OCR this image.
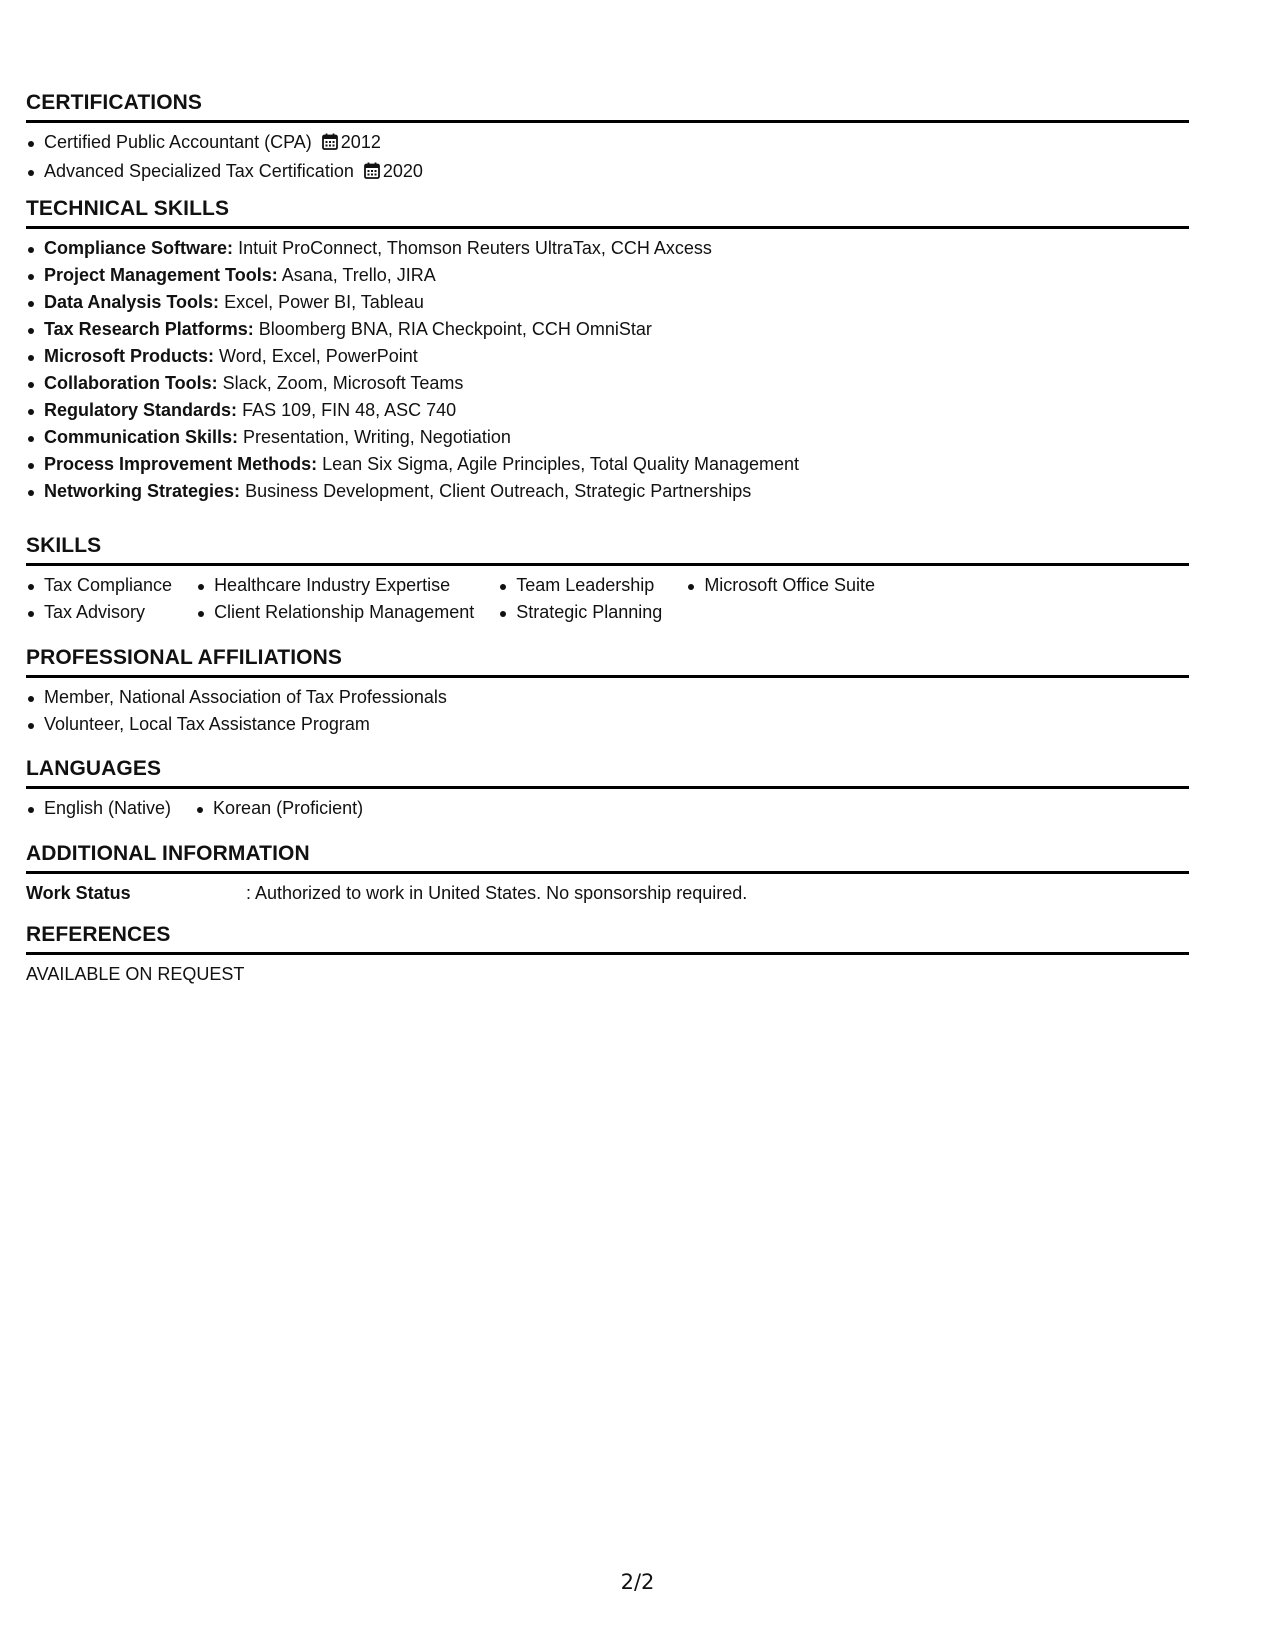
CERTIFICATIONS
Certified Public Accountant (CPA) 2012
Advanced Specialized Tax Certification 2020
TECHNICAL SKILLS
Compliance Software: Intuit ProConnect, Thomson Reuters UltraTax, CCH Axcess
Project Management Tools: Asana, Trello, JIRA
Data Analysis Tools: Excel, Power BI, Tableau
Tax Research Platforms: Bloomberg BNA, RIA Checkpoint, CCH OmniStar
Microsoft Products: Word, Excel, PowerPoint
Collaboration Tools: Slack, Zoom, Microsoft Teams
Regulatory Standards: FAS 109, FIN 48, ASC 740
Communication Skills: Presentation, Writing, Negotiation
Process Improvement Methods: Lean Six Sigma, Agile Principles, Total Quality Management
Networking Strategies: Business Development, Client Outreach, Strategic Partnerships
SKILLS
Tax Compliance
Tax Advisory
Healthcare Industry Expertise
Client Relationship Management
Team Leadership
Strategic Planning
Microsoft Office Suite
PROFESSIONAL AFFILIATIONS
Member, National Association of Tax Professionals
Volunteer, Local Tax Assistance Program
LANGUAGES
English (Native)	Korean (Proficient)
ADDITIONAL INFORMATION
Work Status	: Authorized to work in United States. No sponsorship required.
REFERENCES
AVAILABLE ON REQUEST
2/2
